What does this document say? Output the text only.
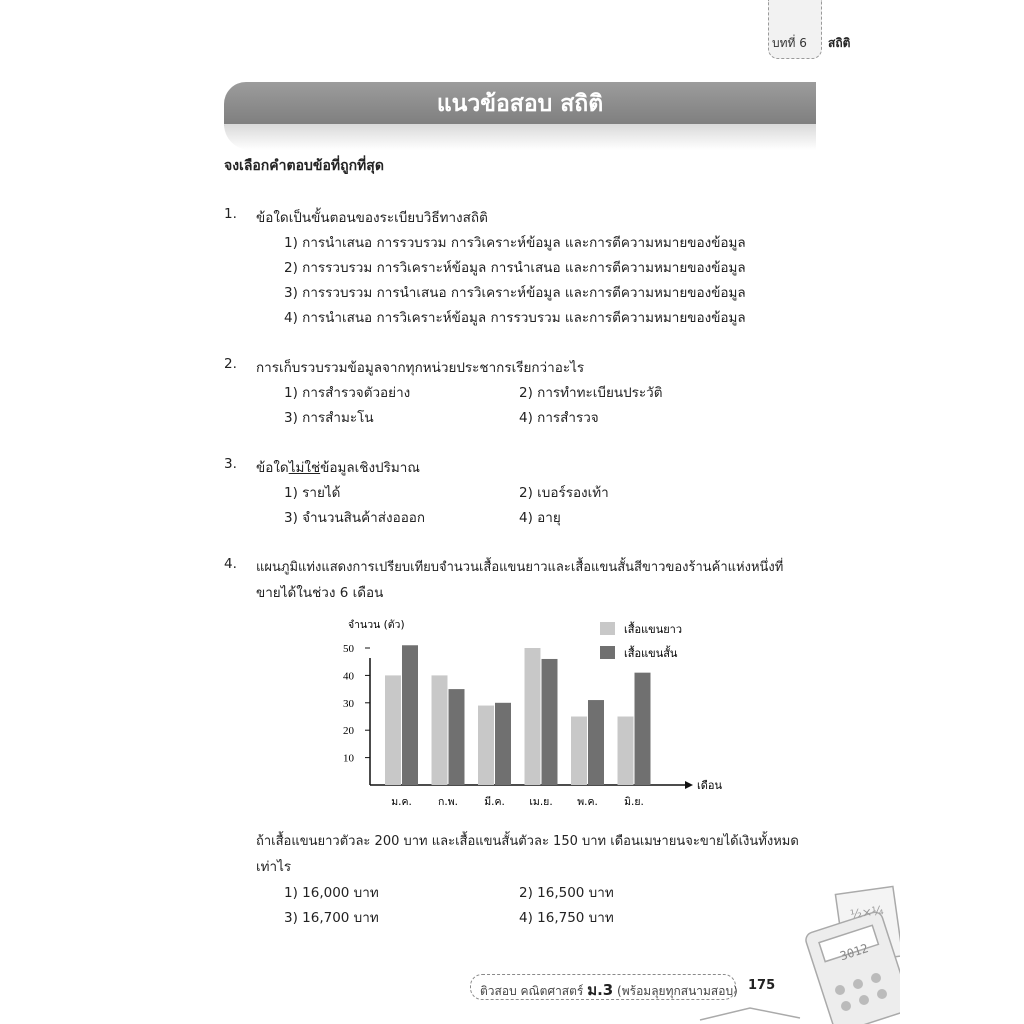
บทที่ 6 สถิติ
แนวข้อสอบ สถิติ
จงเลือกคำตอบข้อที่ถูกที่สุด
1. ข้อใดเป็นขั้นตอนของระเบียบวิธีทางสถิติ
1) การนำเสนอ การรวบรวม การวิเคราะห์ข้อมูล และการตีความหมายของข้อมูล
2) การรวบรวม การวิเคราะห์ข้อมูล การนำเสนอ และการตีความหมายของข้อมูล
3) การรวบรวม การนำเสนอ การวิเคราะห์ข้อมูล และการตีความหมายของข้อมูล
4) การนำเสนอ การวิเคราะห์ข้อมูล การรวบรวม และการตีความหมายของข้อมูล
2. การเก็บรวบรวมข้อมูลจากทุกหน่วยประชากรเรียกว่าอะไร
1) การสำรวจตัวอย่าง	2) การทำทะเบียนประวัติ
3) การสำมะโน	4) การสำรวจ
3. ข้อใดไม่ใช่ข้อมูลเชิงปริมาณ
1) รายได้	2) เบอร์รองเท้า
3) จำนวนสินค้าส่งอออก	4) อายุ
4. แผนภูมิแท่งแสดงการเปรียบเทียบจำนวนเสื้อแขนยาวและเสื้อแขนสั้นสีขาวของร้านค้าแห่งหนึ่งที่
ขายได้ในช่วง 6 เดือน
10
20
30
40
50
จำนวน (ตัว)
เดือน
ม.ค. ก.พ. มี.ค. เม.ย. พ.ค.	มิ.ย.
เสื้อแขนยาว
เสื้อแขนสั้น
ถ้าเสื้อแขนยาวตัวละ 200 บาท และเสื้อแขนสั้นตัวละ 150 บาท เดือนเมษายนจะขายได้เงินทั้งหมด
เท่าไร
1) 16,000 บาท	2) 16,500 บาท
3) 16,700 บาท	4) 16,750 บาท
ติวสอบ คณิตศาสตร์ ม.3 (พร้อมลุยทุกสนามสอบ) 175
3012
½×¼
